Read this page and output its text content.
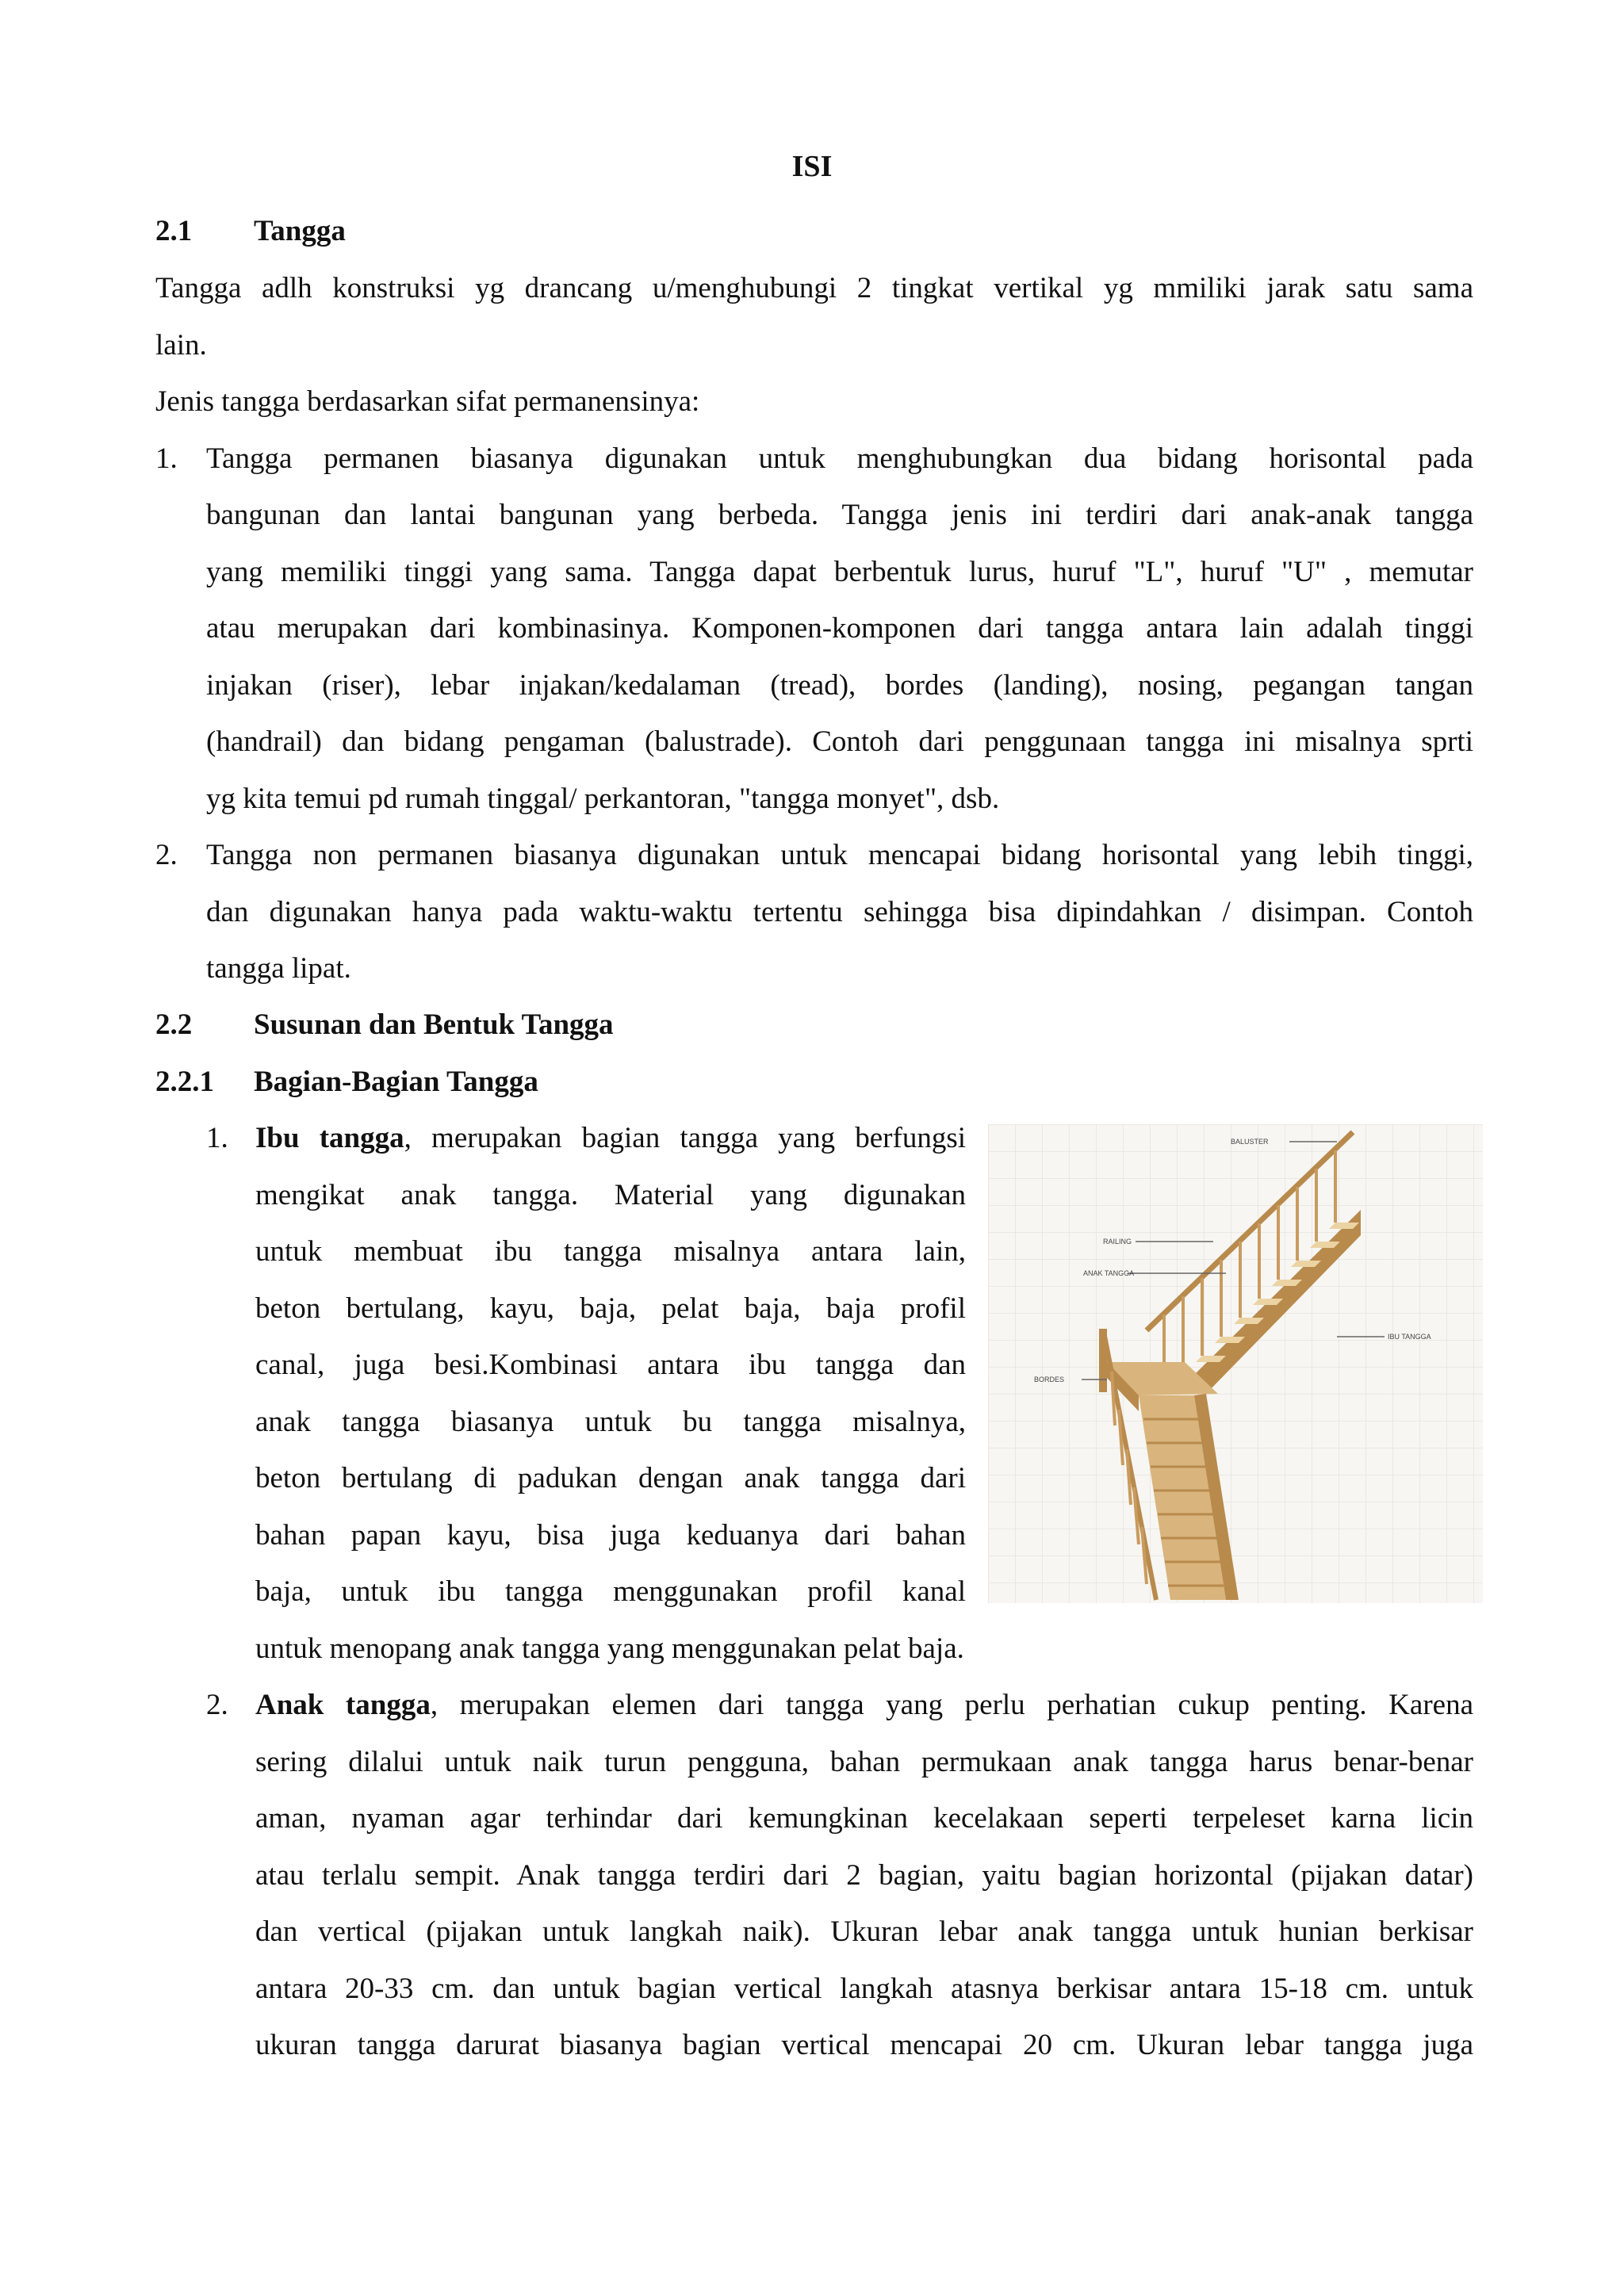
ISI
2.1 Tangga
Tangga adlh konstruksi yg drancang u/menghubungi 2 tingkat vertikal yg mmiliki jarak satu sama
lain.
Jenis tangga berdasarkan sifat permanensinya:
1. Tangga permanen biasanya digunakan untuk menghubungkan dua bidang horisontal pada
bangunan dan lantai bangunan yang berbeda. Tangga jenis ini terdiri dari anak-anak tangga
yang memiliki tinggi yang sama. Tangga dapat berbentuk lurus, huruf "L", huruf "U" , memutar
atau merupakan dari kombinasinya. Komponen-komponen dari tangga antara lain adalah tinggi
injakan (riser), lebar injakan/kedalaman (tread), bordes (landing), nosing, pegangan tangan
(handrail) dan bidang pengaman (balustrade). Contoh dari penggunaan tangga ini misalnya sprti
yg kita temui pd rumah tinggal/ perkantoran, "tangga monyet", dsb.
2. Tangga non permanen biasanya digunakan untuk mencapai bidang horisontal yang lebih tinggi,
dan digunakan hanya pada waktu-waktu tertentu sehingga bisa dipindahkan / disimpan. Contoh
tangga lipat.
2.2 Susunan dan Bentuk Tangga
2.2.1 Bagian-Bagian Tangga
1. Ibu tangga, merupakan bagian tangga yang berfungsi
mengikat anak tangga. Material yang digunakan
untuk membuat ibu tangga misalnya antara lain,
beton bertulang, kayu, baja, pelat baja, baja profil
canal, juga besi.Kombinasi antara ibu tangga dan
anak tangga biasanya untuk bu tangga misalnya,
beton bertulang di padukan dengan anak tangga dari
bahan papan kayu, bisa juga keduanya dari bahan
baja, untuk ibu tangga menggunakan profil kanal
untuk menopang anak tangga yang menggunakan pelat baja.
BALUSTER
RAILING
ANAK TANGGA
IBU TANGGA
BORDES
2. Anak tangga, merupakan elemen dari tangga yang perlu perhatian cukup penting. Karena
sering dilalui untuk naik turun pengguna, bahan permukaan anak tangga harus benar-benar
aman, nyaman agar terhindar dari kemungkinan kecelakaan seperti terpeleset karna licin
atau terlalu sempit. Anak tangga terdiri dari 2 bagian, yaitu bagian horizontal (pijakan datar)
dan vertical (pijakan untuk langkah naik). Ukuran lebar anak tangga untuk hunian berkisar
antara 20-33 cm. dan untuk bagian vertical langkah atasnya berkisar antara 15-18 cm. untuk
ukuran tangga darurat biasanya bagian vertical mencapai 20 cm. Ukuran lebar tangga juga
